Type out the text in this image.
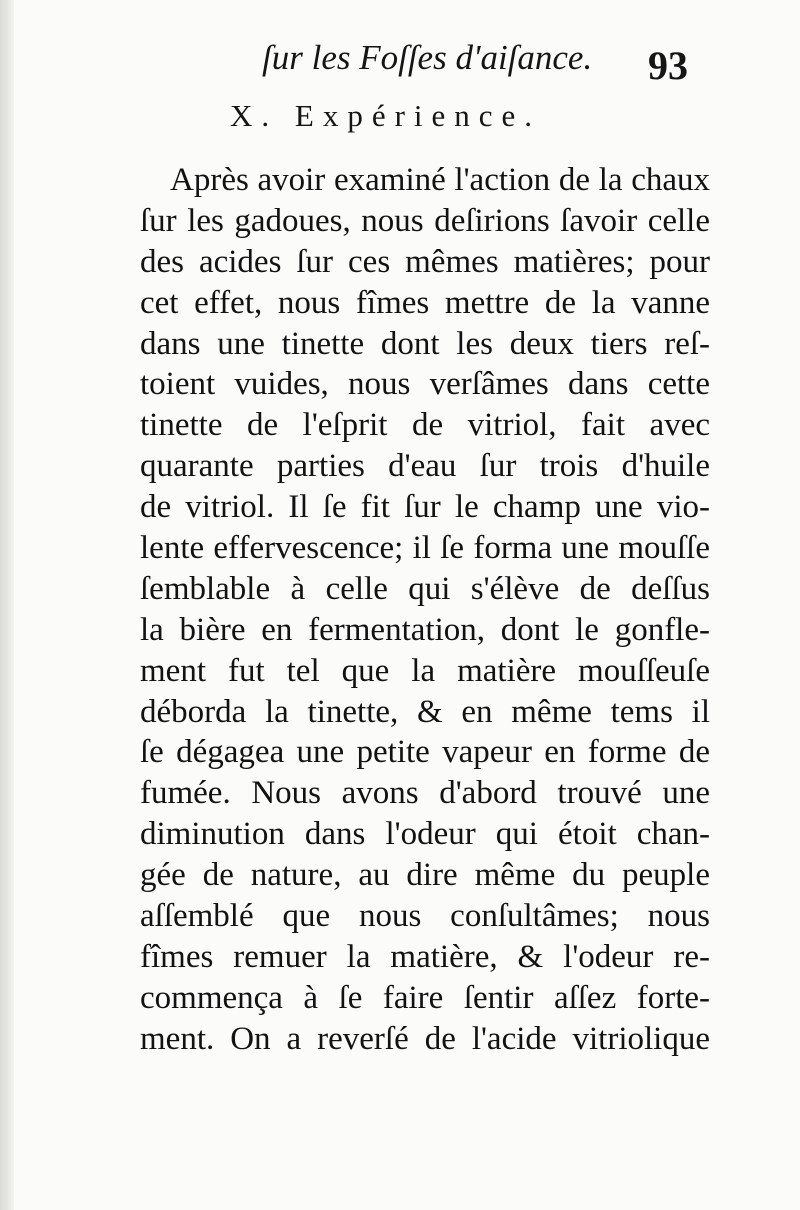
ſur les Foſſes d'aiſance. 93
X. Expérience.
Après avoir examiné l'action de la chaux
ſur les gadoues, nous deſirions ſavoir celle
des acides ſur ces mêmes matières; pour
cet effet, nous fîmes mettre de la vanne
dans une tinette dont les deux tiers reſ-
toient vuides, nous verſâmes dans cette
tinette de l'eſprit de vitriol, fait avec
quarante parties d'eau ſur trois d'huile
de vitriol. Il ſe fit ſur le champ une vio-
lente effervescence; il ſe forma une mouſſe
ſemblable à celle qui s'élève de deſſus
la bière en fermentation, dont le gonfle-
ment fut tel que la matière mouſſeuſe
déborda la tinette, & en même tems il
ſe dégagea une petite vapeur en forme de
fumée. Nous avons d'abord trouvé une
diminution dans l'odeur qui étoit chan-
gée de nature, au dire même du peuple
aſſemblé que nous conſultâmes; nous
fîmes remuer la matière, & l'odeur re-
commença à ſe faire ſentir aſſez forte-
ment. On a reverſé de l'acide vitriolique
